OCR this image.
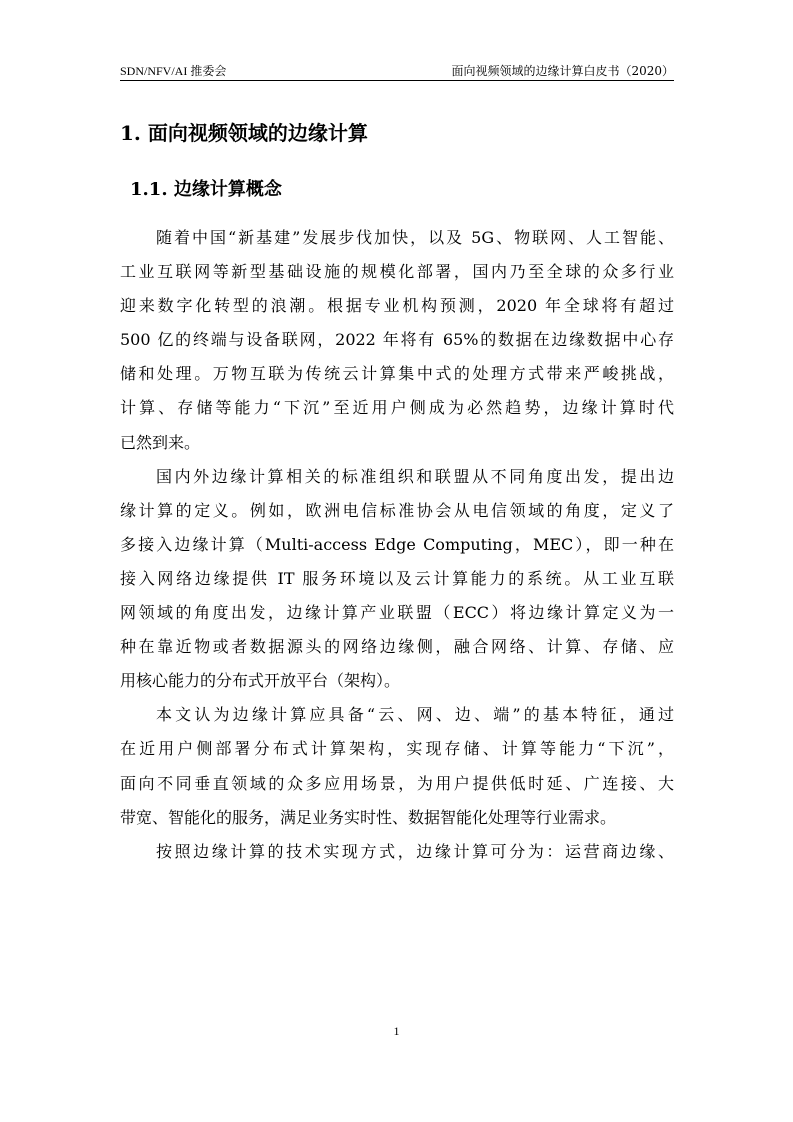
SDN/NFV/AI 推委会	面向视频领域的边缘计算白皮书（2020）
1. 面向视频领域的边缘计算
1.1. 边缘计算概念
随着中国“新基建”发展步伐加快，以及 5G、物联网、人工智能、
工业互联网等新型基础设施的规模化部署，国内乃至全球的众多行业
迎来数字化转型的浪潮。根据专业机构预测，2020 年全球将有超过
500 亿的终端与设备联网，2022 年将有 65%的数据在边缘数据中心存
储和处理。万物互联为传统云计算集中式的处理方式带来严峻挑战，
计算、存储等能力“下沉”至近用户侧成为必然趋势，边缘计算时代
已然到来。
国内外边缘计算相关的标准组织和联盟从不同角度出发，提出边
缘计算的定义。例如，欧洲电信标准协会从电信领域的角度，定义了
多接入边缘计算（Multi-access Edge Computing，MEC），即一种在
接入网络边缘提供 IT 服务环境以及云计算能力的系统。从工业互联
网领域的角度出发，边缘计算产业联盟（ECC）将边缘计算定义为一
种在靠近物或者数据源头的网络边缘侧，融合网络、计算、存储、应
用核心能力的分布式开放平台（架构）。
本文认为边缘计算应具备“云、网、边、端”的基本特征，通过
在近用户侧部署分布式计算架构，实现存储、计算等能力“下沉”，
面向不同垂直领域的众多应用场景，为用户提供低时延、广连接、大
带宽、智能化的服务，满足业务实时性、数据智能化处理等行业需求。
按照边缘计算的技术实现方式，边缘计算可分为：运营商边缘、
1
